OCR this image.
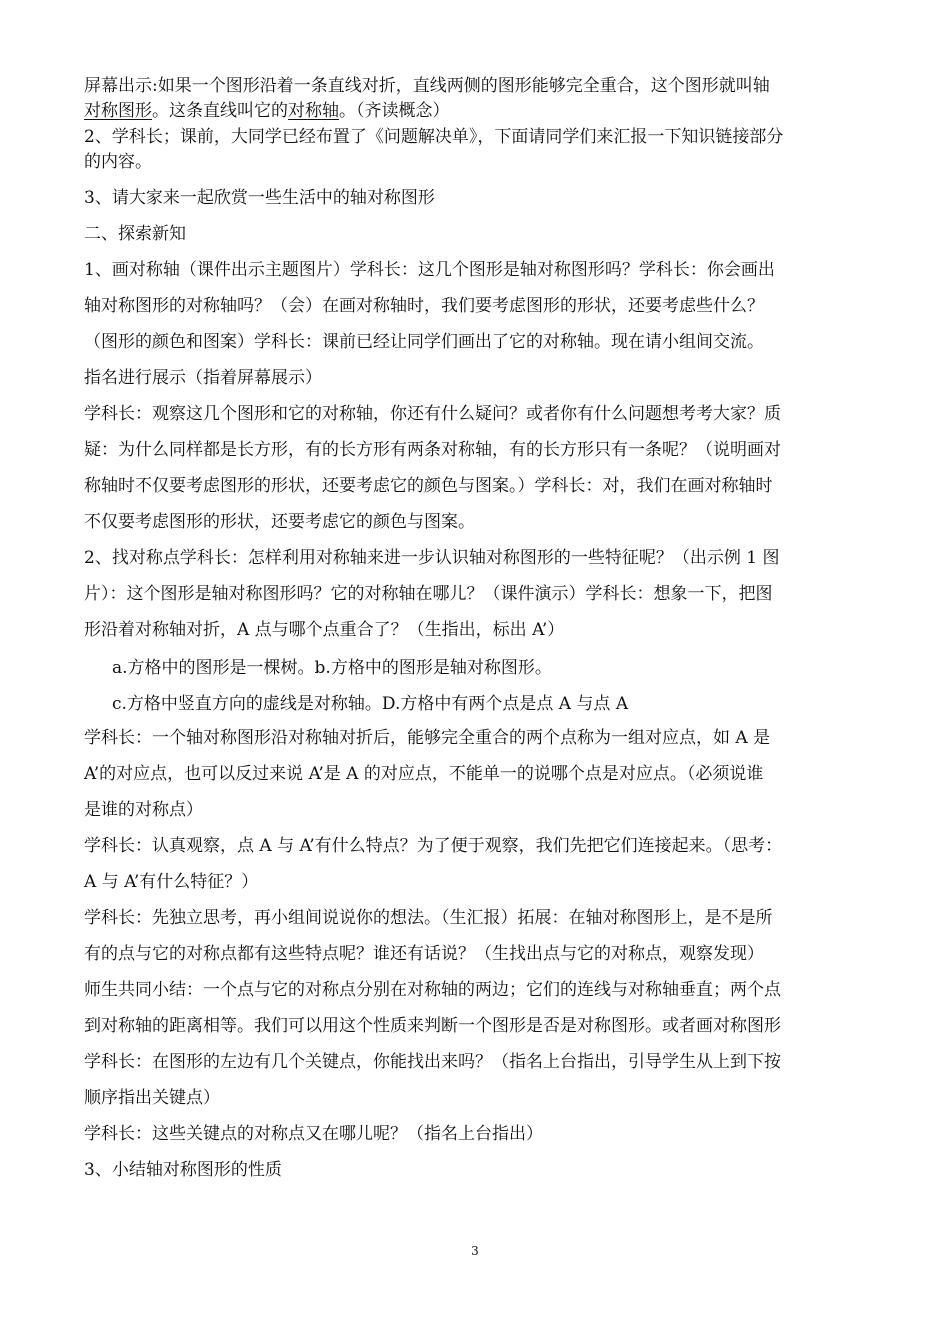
屏幕出示:如果一个图形沿着一条直线对折，直线两侧的图形能够完全重合，这个图形就叫轴
对称图形。这条直线叫它的对称轴。（齐读概念）
2、学科长；课前，大同学已经布置了《问题解决单》，下面请同学们来汇报一下知识链接部分
的内容。
3、请大家来一起欣赏一些生活中的轴对称图形
二、探索新知
1、画对称轴（课件出示主题图片）学科长：这几个图形是轴对称图形吗？学科长：你会画出
轴对称图形的对称轴吗？（会）在画对称轴时，我们要考虑图形的形状，还要考虑些什么？
（图形的颜色和图案）学科长：课前已经让同学们画出了它的对称轴。现在请小组间交流。
指名进行展示（指着屏幕展示）
学科长：观察这几个图形和它的对称轴，你还有什么疑问？或者你有什么问题想考考大家？质
疑：为什么同样都是长方形，有的长方形有两条对称轴，有的长方形只有一条呢？（说明画对
称轴时不仅要考虑图形的形状，还要考虑它的颜色与图案。）学科长：对，我们在画对称轴时
不仅要考虑图形的形状，还要考虑它的颜色与图案。
2、找对称点学科长：怎样利用对称轴来进一步认识轴对称图形的一些特征呢？（出示例 1 图
片）：这个图形是轴对称图形吗？它的对称轴在哪儿？（课件演示）学科长：想象一下，把图
形沿着对称轴对折，A 点与哪个点重合了？（生指出，标出 A’）
a.方格中的图形是一棵树。b.方格中的图形是轴对称图形。
c.方格中竖直方向的虚线是对称轴。D.方格中有两个点是点 A 与点 A
学科长：一个轴对称图形沿对称轴对折后，能够完全重合的两个点称为一组对应点，如 A 是
A’的对应点，也可以反过来说 A’是 A 的对应点，不能单一的说哪个点是对应点。（必须说谁
是谁的对称点）
学科长：认真观察，点 A 与 A’有什么特点？为了便于观察，我们先把它们连接起来。（思考：
A 与 A’有什么特征？）
学科长：先独立思考，再小组间说说你的想法。（生汇报）拓展：在轴对称图形上，是不是所
有的点与它的对称点都有这些特点呢？谁还有话说？（生找出点与它的对称点，观察发现）
师生共同小结：一个点与它的对称点分别在对称轴的两边；它们的连线与对称轴垂直；两个点
到对称轴的距离相等。我们可以用这个性质来判断一个图形是否是对称图形。或者画对称图形
学科长：在图形的左边有几个关键点，你能找出来吗？（指名上台指出，引导学生从上到下按
顺序指出关键点）
学科长：这些关键点的对称点又在哪儿呢？（指名上台指出）
3、小结轴对称图形的性质
3
